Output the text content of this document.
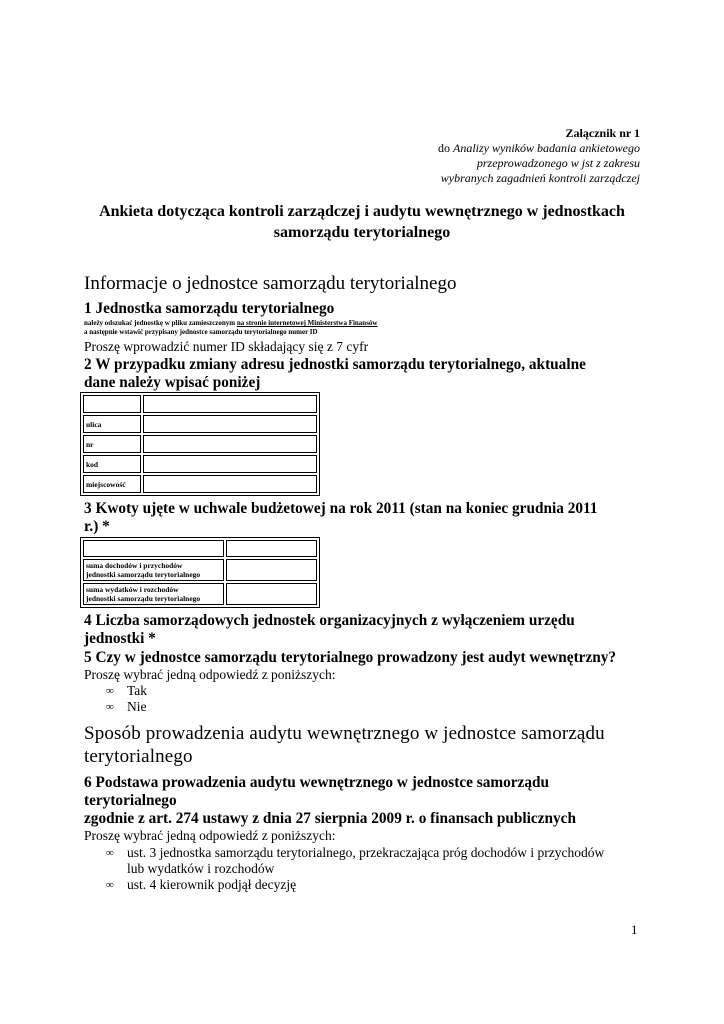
Załącznik nr 1
do Analizy wyników badania ankietowego
przeprowadzonego w jst z zakresu
wybranych zagadnień kontroli zarządczej
Ankieta dotycząca kontroli zarządczej i audytu wewnętrznego w jednostkach
samorządu terytorialnego
Informacje o jednostce samorządu terytorialnego
1 Jednostka samorządu terytorialnego
należy odszukać jednostkę w pliku zamieszczonym na stronie internetowej Ministerstwa Finansów
a następnie wstawić przypisany jednostce samorządu terytorialnego numer ID
Proszę wprowadzić numer ID składający się z 7 cyfr
2 W przypadku zmiany adresu jednostki samorządu terytorialnego, aktualne
dane należy wpisać poniżej

ulica	
nr	
kod	
miejscowość	
3 Kwoty ujęte w uchwale budżetowej na rok 2011 (stan na koniec grudnia 2011
r.) *

suma dochodów i przychodów
jednostki samorządu terytorialnego	

suma wydatków i rozchodów
jednostki samorządu terytorialnego	

4 Liczba samorządowych jednostek organizacyjnych z wyłączeniem urzędu
jednostki *
5 Czy w jednostce samorządu terytorialnego prowadzony jest audyt wewnętrzny?
Proszę wybrać jedną odpowiedź z poniższych:
∞ Tak
∞ Nie
Sposób prowadzenia audytu wewnętrznego w jednostce samorządu
terytorialnego
6 Podstawa prowadzenia audytu wewnętrznego w jednostce samorządu
terytorialnego
zgodnie z art. 274 ustawy z dnia 27 sierpnia 2009 r. o finansach publicznych
Proszę wybrać jedną odpowiedź z poniższych:
∞ ust. 3 jednostka samorządu terytorialnego, przekraczająca próg dochodów i przychodów
lub wydatków i rozchodów
∞ ust. 4 kierownik podjął decyzję
1
